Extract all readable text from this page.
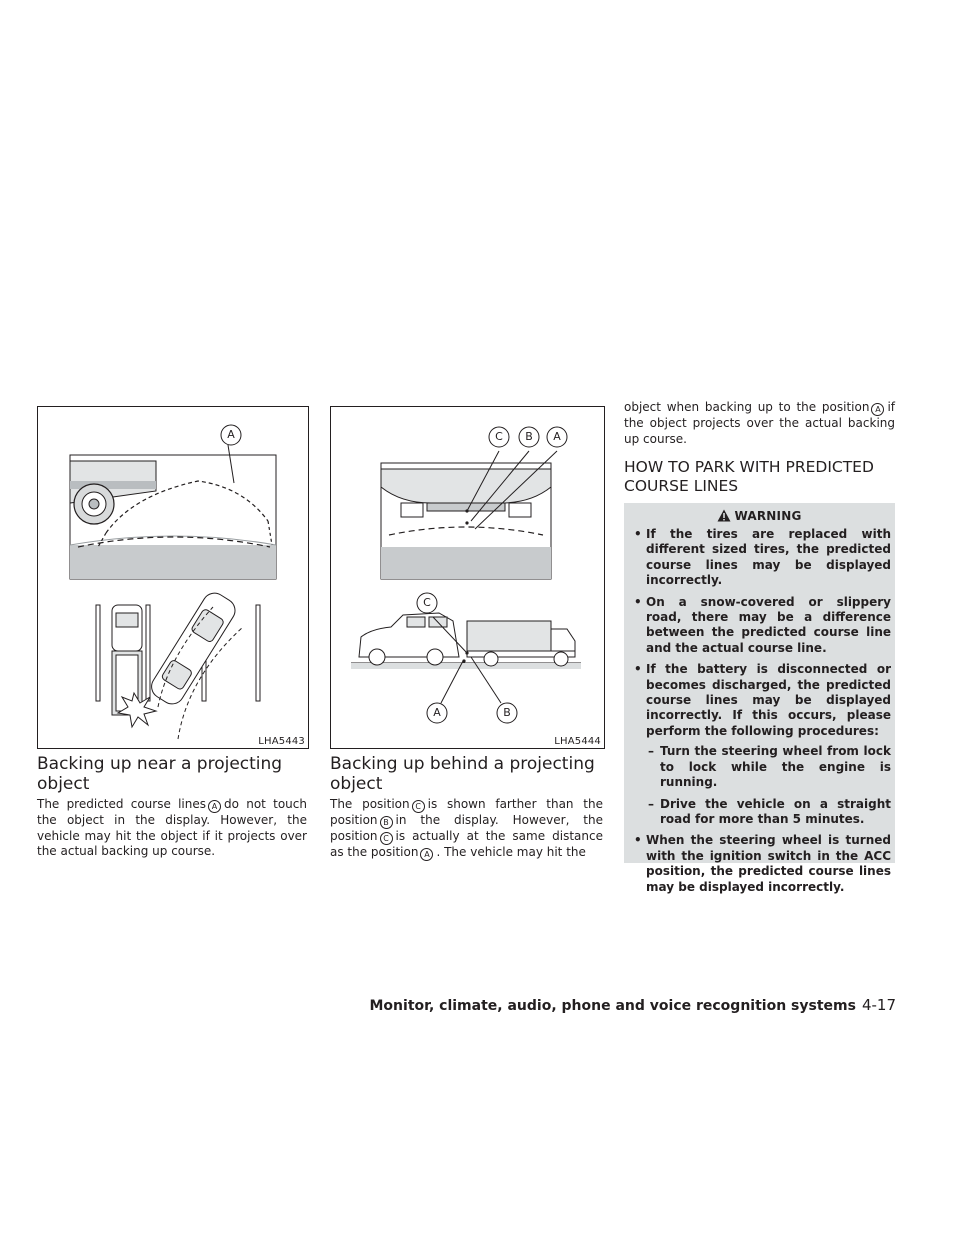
A
LHA5443
C B A
C
A	B
LHA5444
Backing up near a projecting object

The predicted course lines A do not touch the object in the display. However, the vehicle may hit the object if it projects over the actual backing up course.

Backing up behind a projecting object

The position C is shown farther than the position B in the display. However, the position C is actually at the same distance as the position A . The vehicle may hit the

object when backing up to the position A if the object projects over the actual backing up course.

HOW TO PARK WITH PREDICTED COURSE LINES
WARNING
• If the tires are replaced with different sized tires, the predicted course lines may be displayed incorrectly.
• On a snow-covered or slippery road, there may be a difference between the predicted course line and the actual course line.
• If the battery is disconnected or becomes discharged, the predicted course lines may be displayed incorrectly. If this occurs, please perform the following procedures:
– Turn the steering wheel from lock to lock while the engine is running.
– Drive the vehicle on a straight road for more than 5 minutes.
• When the steering wheel is turned with the ignition switch in the ACC position, the predicted course lines may be displayed incorrectly.
Monitor, climate, audio, phone and voice recognition systems 4-17
